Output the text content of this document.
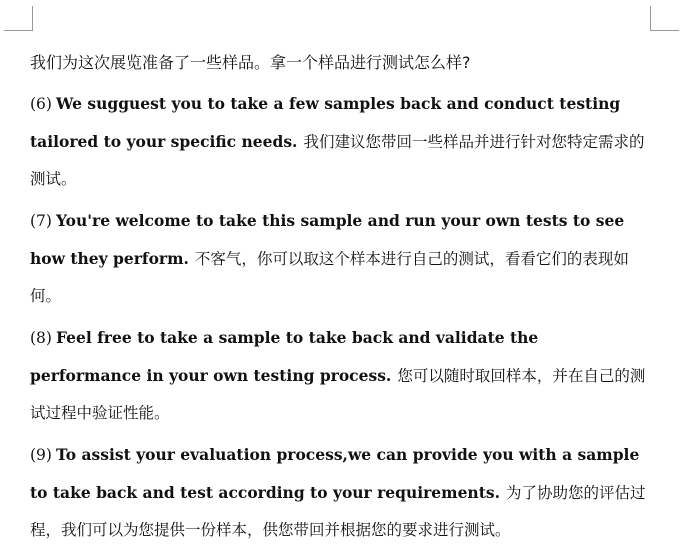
我们为这次展览准备了一些样品。拿一个样品进行测试怎么样?

(6) We sugguest you to take a few samples back and conduct testing tailored to your specific needs. 我们建议您带回一些样品并进行针对您特定需求的测试。

(7) You're welcome to take this sample and run your own tests to see how they perform. 不客气，你可以取这个样本进行自己的测试，看看它们的表现如何。

(8) Feel free to take a sample to take back and validate the performance in your own testing process. 您可以随时取回样本，并在自己的测试过程中验证性能。

(9) To assist your evaluation process,we can provide you with a sample to take back and test according to your requirements. 为了协助您的评估过程，我们可以为您提供一份样本，供您带回并根据您的要求进行测试。
